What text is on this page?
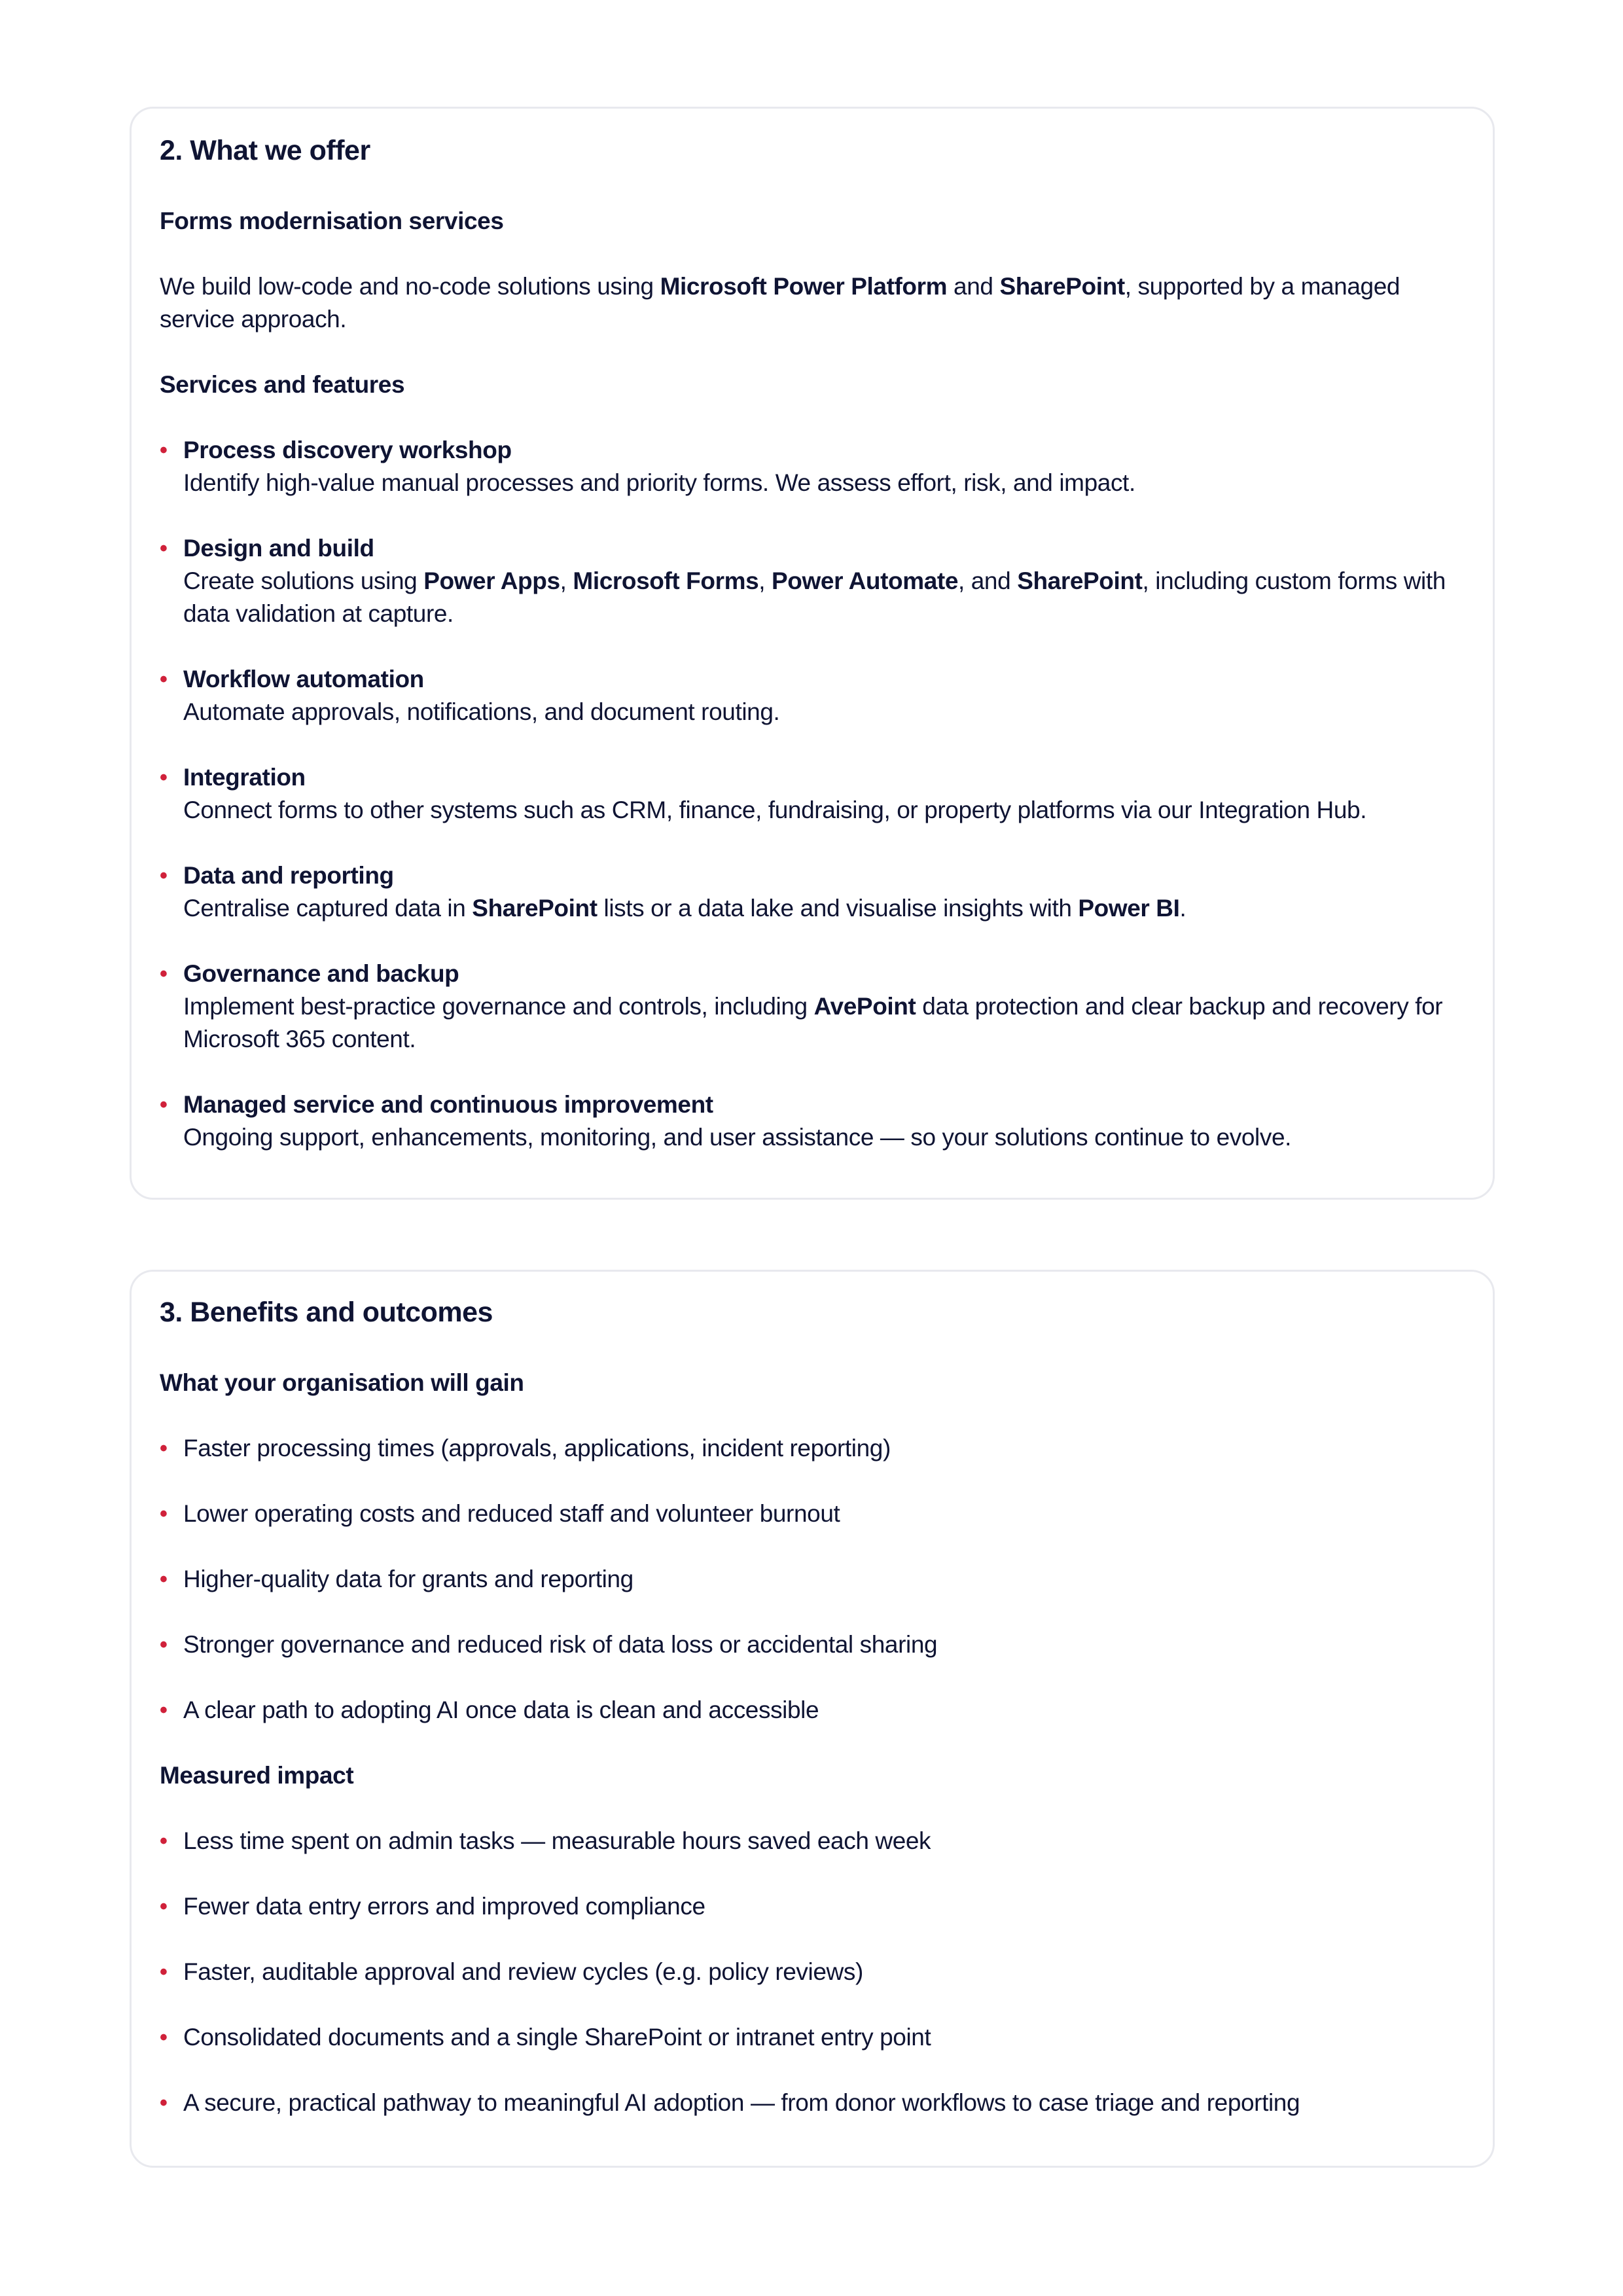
2. What we offer
Forms modernisation services

We build low-code and no-code solutions using Microsoft Power Platform and SharePoint, supported by a managed service approach.

Services and features
• Process discovery workshop
Identify high-value manual processes and priority forms. We assess effort, risk, and impact.
• Design and build
Create solutions using Power Apps, Microsoft Forms, Power Automate, and SharePoint, including custom forms with data validation at capture.
• Workflow automation
Automate approvals, notifications, and document routing.
• Integration
Connect forms to other systems such as CRM, finance, fundraising, or property platforms via our Integration Hub.
• Data and reporting
Centralise captured data in SharePoint lists or a data lake and visualise insights with Power BI.
• Governance and backup
Implement best-practice governance and controls, including AvePoint data protection and clear backup and recovery for Microsoft 365 content.
• Managed service and continuous improvement
Ongoing support, enhancements, monitoring, and user assistance — so your solutions continue to evolve.
3. Benefits and outcomes
What your organisation will gain
• Faster processing times (approvals, applications, incident reporting)
• Lower operating costs and reduced staff and volunteer burnout
• Higher-quality data for grants and reporting
• Stronger governance and reduced risk of data loss or accidental sharing
• A clear path to adopting AI once data is clean and accessible
Measured impact
• Less time spent on admin tasks — measurable hours saved each week
• Fewer data entry errors and improved compliance
• Faster, auditable approval and review cycles (e.g. policy reviews)
• Consolidated documents and a single SharePoint or intranet entry point
• A secure, practical pathway to meaningful AI adoption — from donor workflows to case triage and reporting
